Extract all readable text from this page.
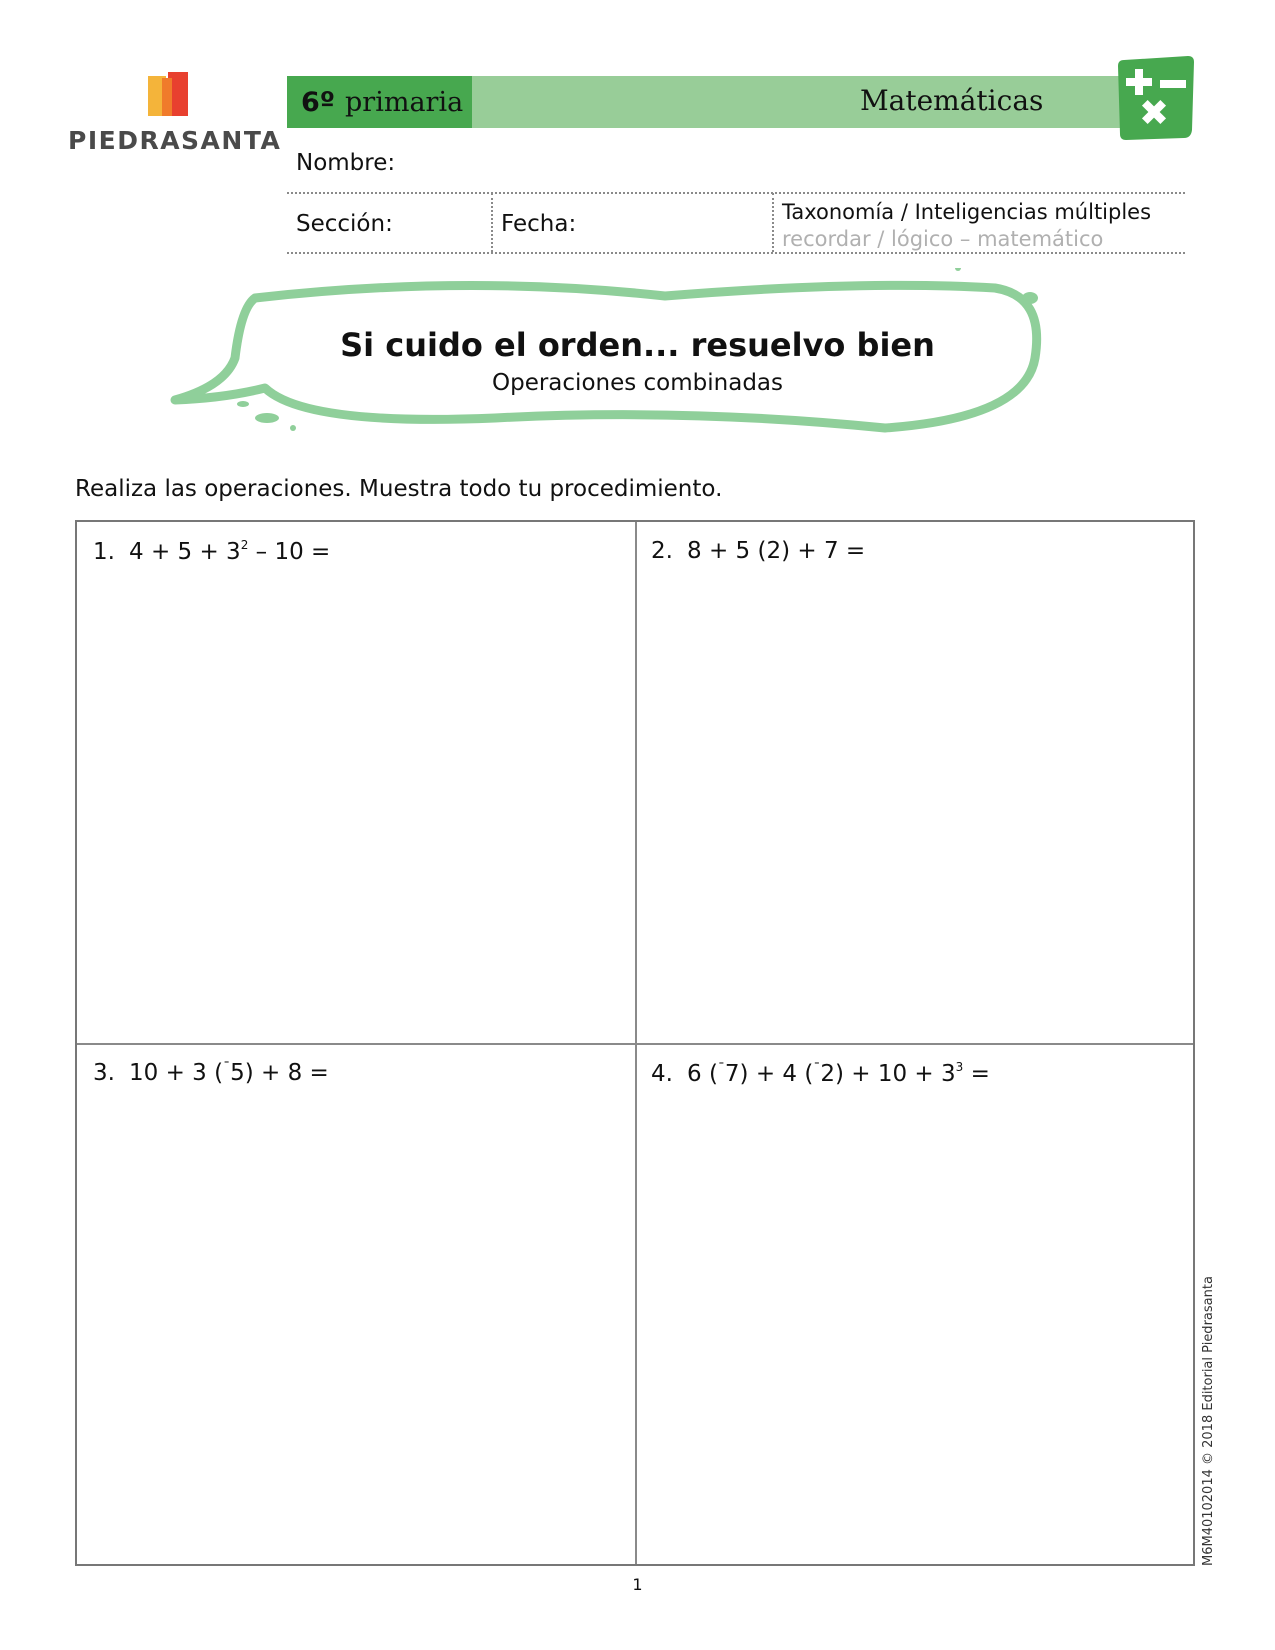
PIEDRASANTA
6º primaria	Matemáticas
Nombre:
Sección:	Fecha:	Taxonomía / Inteligencias múltiples
recordar / lógico – matemático
Si cuido el orden... resuelvo bien
Operaciones combinadas
Realiza las operaciones. Muestra todo tu procedimiento.
1. $4 + 5 + 3^2 - 10$ =	2. 8 + 5 (2) + 7 =
3. 10 + 3 (¯5) + 8 =	4. 6 (¯7) + 4 $(^¯2) + 10 + 3^3$ =
1
M6M40102014 © 2018 Editorial Piedrasanta
